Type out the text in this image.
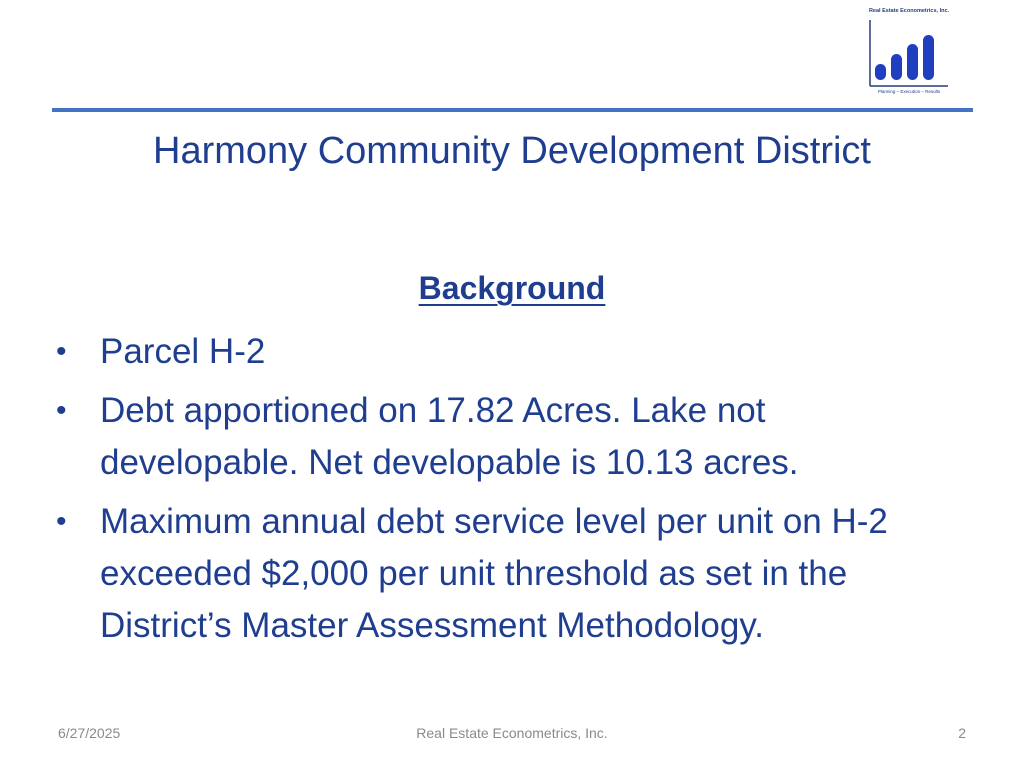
Real Estate Econometrics, Inc.
Planning – Execution – Results
Harmony Community Development District
Background
• Parcel H-2
• Debt apportioned on 17.82 Acres. Lake not developable. Net developable is 10.13 acres.
• Maximum annual debt service level per unit on H-2 exceeded $2,000 per unit threshold as set in the District’s Master Assessment Methodology.
6/27/2025	Real Estate Econometrics, Inc.	2
